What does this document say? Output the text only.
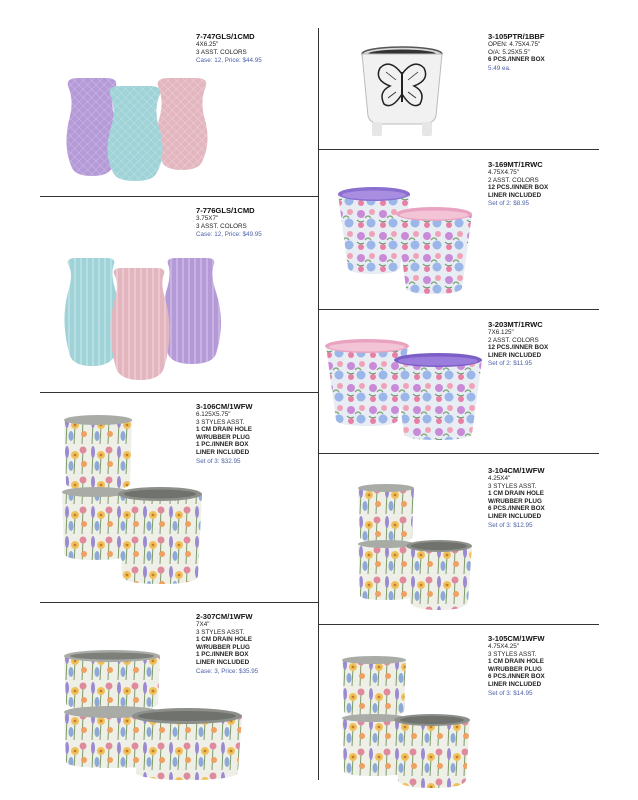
7-747GLS/1CMD
4X6.25"
3 ASST. COLORS
Case: 12, Price: $44.95
3-105PTR/1BBF
OPEN: 4.75X4.75"
O/A: 5.25X5.5"
6 PCS./INNER BOX
5.49 ea.
3-169MT/1RWC
4.75X4.75"
2 ASST. COLORS
12 PCS./INNER BOX
LINER INCLUDED
Set of 2: $8.95
7-776GLS/1CMD
3.75X7"
3 ASST. COLORS
Case: 12, Price: $49.95
3-203MT/1RWC
7X6.125"
2 ASST. COLORS
12 PCS./INNER BOX
LINER INCLUDED
Set of 2: $11.95
3-106CM/1WFW
6.125X5.75"
3 STYLES ASST.
1 CM DRAIN HOLE
W/RUBBER PLUG
1 PC./INNER BOX
LINER INCLUDED
Set of 3: $32.95
3-104CM/1WFW
4.25X4"
3 STYLES ASST.
1 CM DRAIN HOLE
W/RUBBER PLUG
6 PCS./INNER BOX
LINER INCLUDED
Set of 3: $12.95
2-307CM/1WFW
7X4"
3 STYLES ASST.
1 CM DRAIN HOLE
W/RUBBER PLUG
1 PC./INNER BOX
LINER INCLUDED
Case: 3, Price: $35.95
3-105CM/1WFW
4.75X4.25"
3 STYLES ASST.
1 CM DRAIN HOLE
W/RUBBER PLUG
6 PCS./INNER BOX
LINER INCLUDED
Set of 3: $14.95
